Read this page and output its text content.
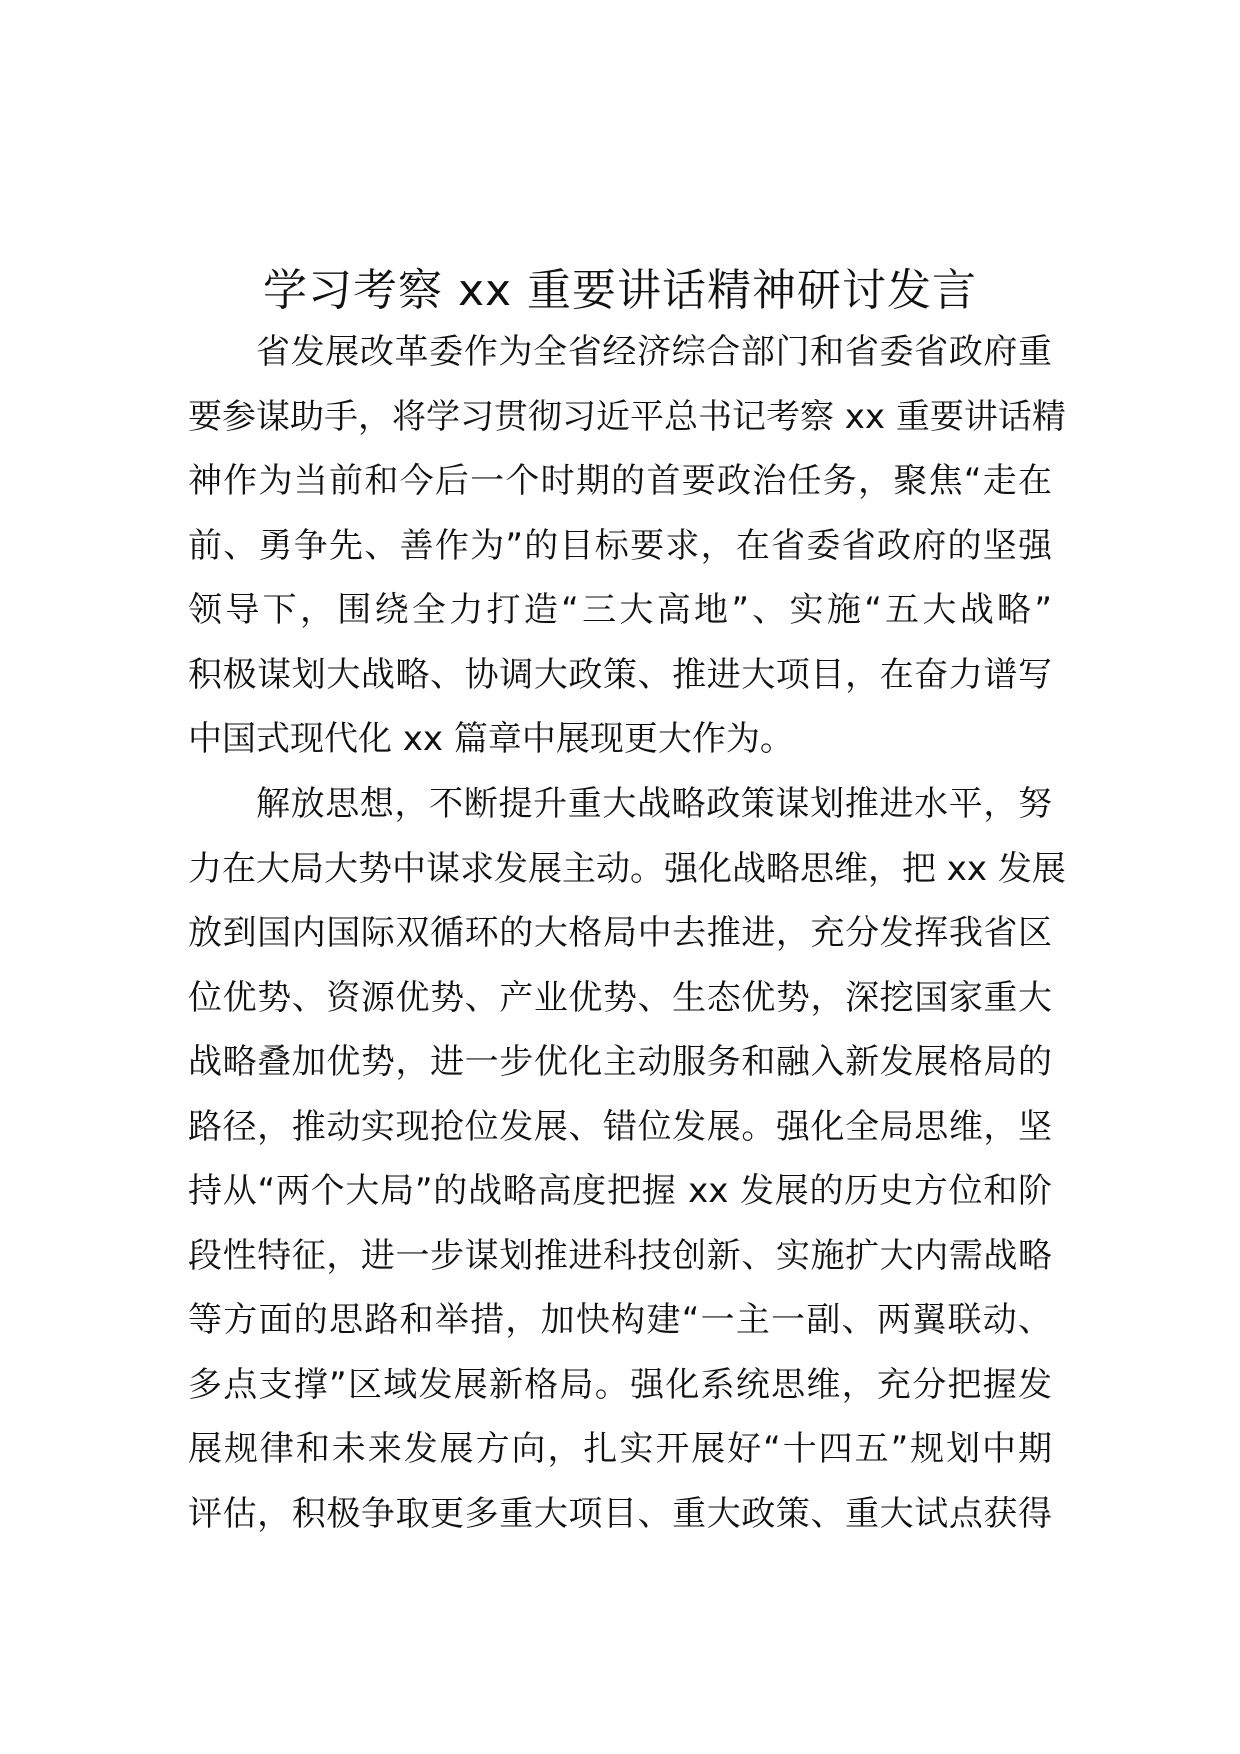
学习考察 xx 重要讲话精神研讨发言
省发展改革委作为全省经济综合部门和省委省政府重
要参谋助手，将学习贯彻习近平总书记考察 xx 重要讲话精
神作为当前和今后一个时期的首要政治任务，聚焦“走在
前、勇争先、善作为”的目标要求，在省委省政府的坚强
领导下，围绕全力打造“三大高地”、实施“五大战略”
积极谋划大战略、协调大政策、推进大项目，在奋力谱写
中国式现代化 xx 篇章中展现更大作为。
解放思想，不断提升重大战略政策谋划推进水平，努
力在大局大势中谋求发展主动。强化战略思维，把 xx 发展
放到国内国际双循环的大格局中去推进，充分发挥我省区
位优势、资源优势、产业优势、生态优势，深挖国家重大
战略叠加优势，进一步优化主动服务和融入新发展格局的
路径，推动实现抢位发展、错位发展。强化全局思维，坚
持从“两个大局”的战略高度把握 xx 发展的历史方位和阶
段性特征，进一步谋划推进科技创新、实施扩大内需战略
等方面的思路和举措，加快构建“一主一副、两翼联动、
多点支撑”区域发展新格局。强化系统思维，充分把握发
展规律和未来发展方向，扎实开展好“十四五”规划中期
评估，积极争取更多重大项目、重大政策、重大试点获得
